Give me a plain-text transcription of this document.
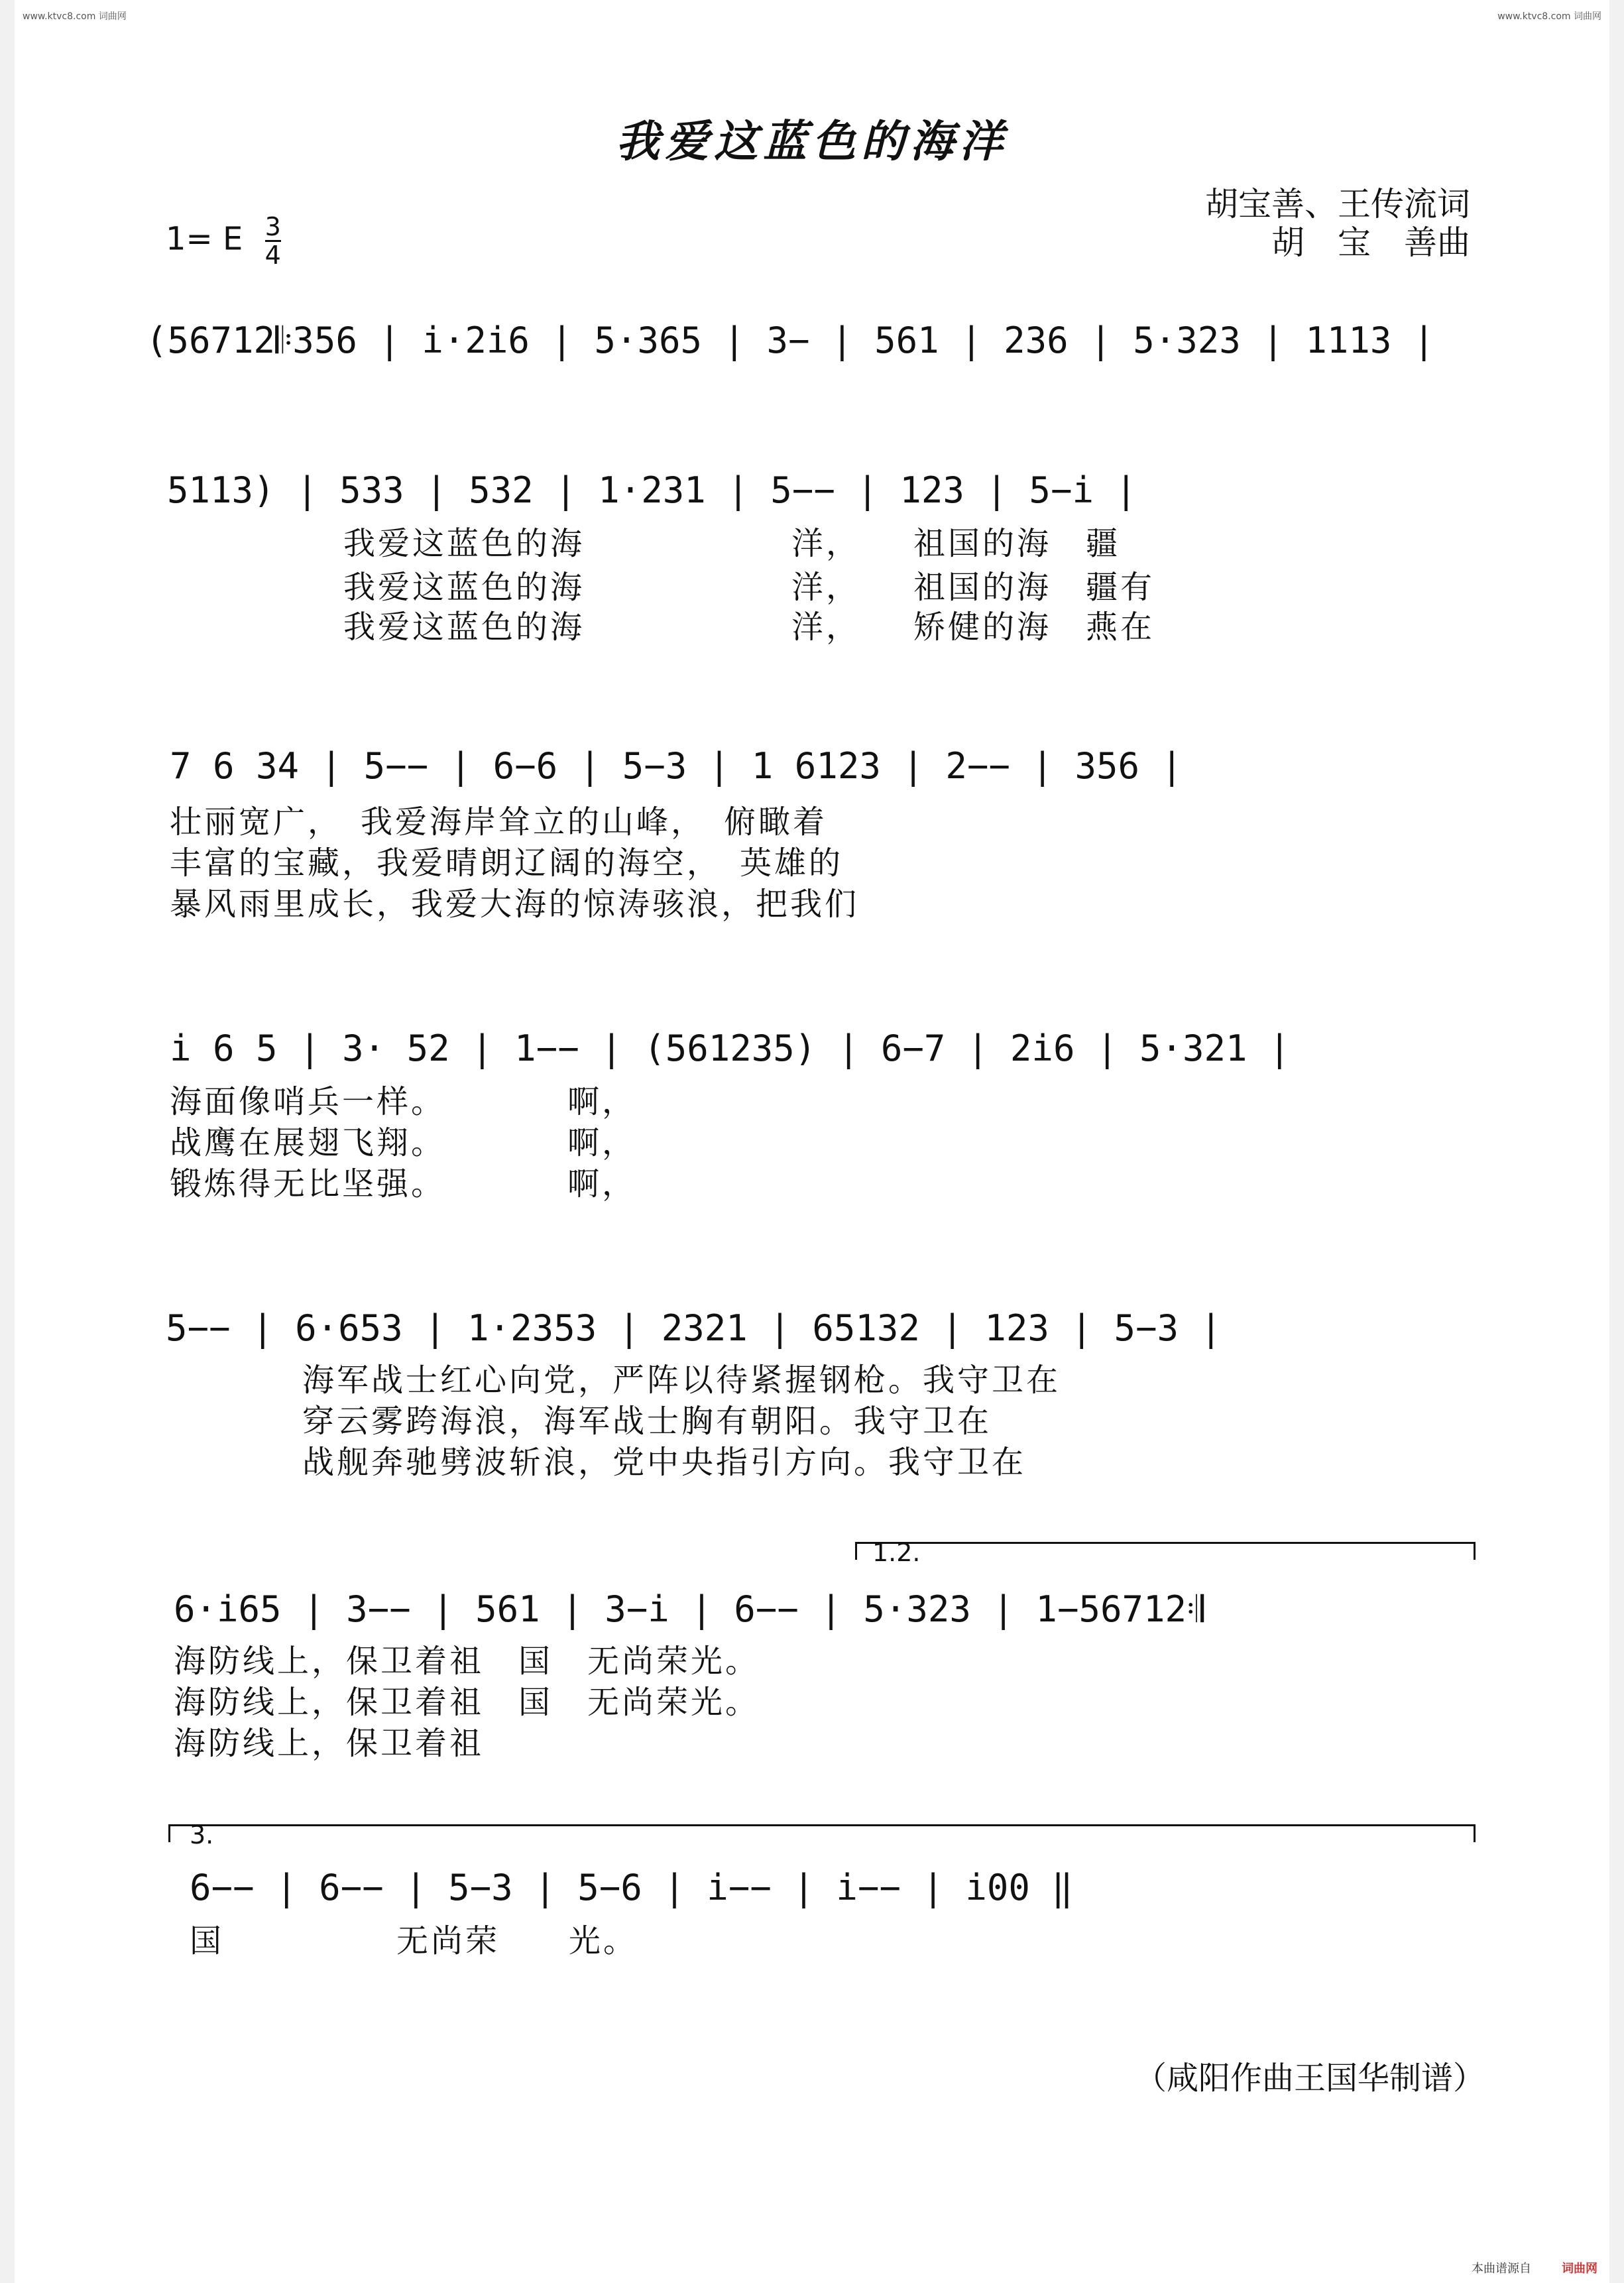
www.ktvc8.com 词曲网	www.ktvc8.com 词曲网
我爱这蓝色的海洋
胡宝善、王传流词
胡　宝　善曲
1= E $\frac{3}{4}$
(56712𝄆356 | i·2i6 | 5·365 | 3− | 561 | 236 | 5·323 | 1113 |
5113) | 533 | 532 | 1·231 | 5−− | 123 | 5−i |
我爱这蓝色的海　　　　　　洋，　　祖国的海　疆
我爱这蓝色的海　　　　　　洋，　　祖国的海　疆有
我爱这蓝色的海　　　　　　洋，　　矫健的海　燕在
7 6 34 | 5−− | 6−6 | 5−3 | 1 6123 | 2−− | 356 |
壮丽宽广，　我爱海岸耸立的山峰，　俯瞰着
丰富的宝藏，我爱晴朗辽阔的海空，　英雄的
暴风雨里成长，我爱大海的惊涛骇浪，把我们
i 6 5 | 3· 52 | 1−− | (561235) | 6−7 | 2i6 | 5·321 |
海面像哨兵一样。　　　　啊，
战鹰在展翅飞翔。　　　　啊，
锻炼得无比坚强。　　　　啊，
5−− | 6·653 | 1·2353 | 2321 | 65132 | 123 | 5−3 |
海军战士红心向党，严阵以待紧握钢枪。我守卫在
穿云雾跨海浪，海军战士胸有朝阳。我守卫在
战舰奔驰劈波斩浪，党中央指引方向。我守卫在
1.2.
6·i65 | 3−− | 561 | 3−i | 6−− | 5·323 | 1−56712𝄇
海防线上，保卫着祖　国　无尚荣光。
海防线上，保卫着祖　国　无尚荣光。
海防线上，保卫着祖
3.
6−− | 6−− | 5−3 | 5−6 | i−− | i−− | i00 ‖
国　　　　　无尚荣　　光。
（咸阳作曲王国华制谱）
本曲谱源自	词曲网
